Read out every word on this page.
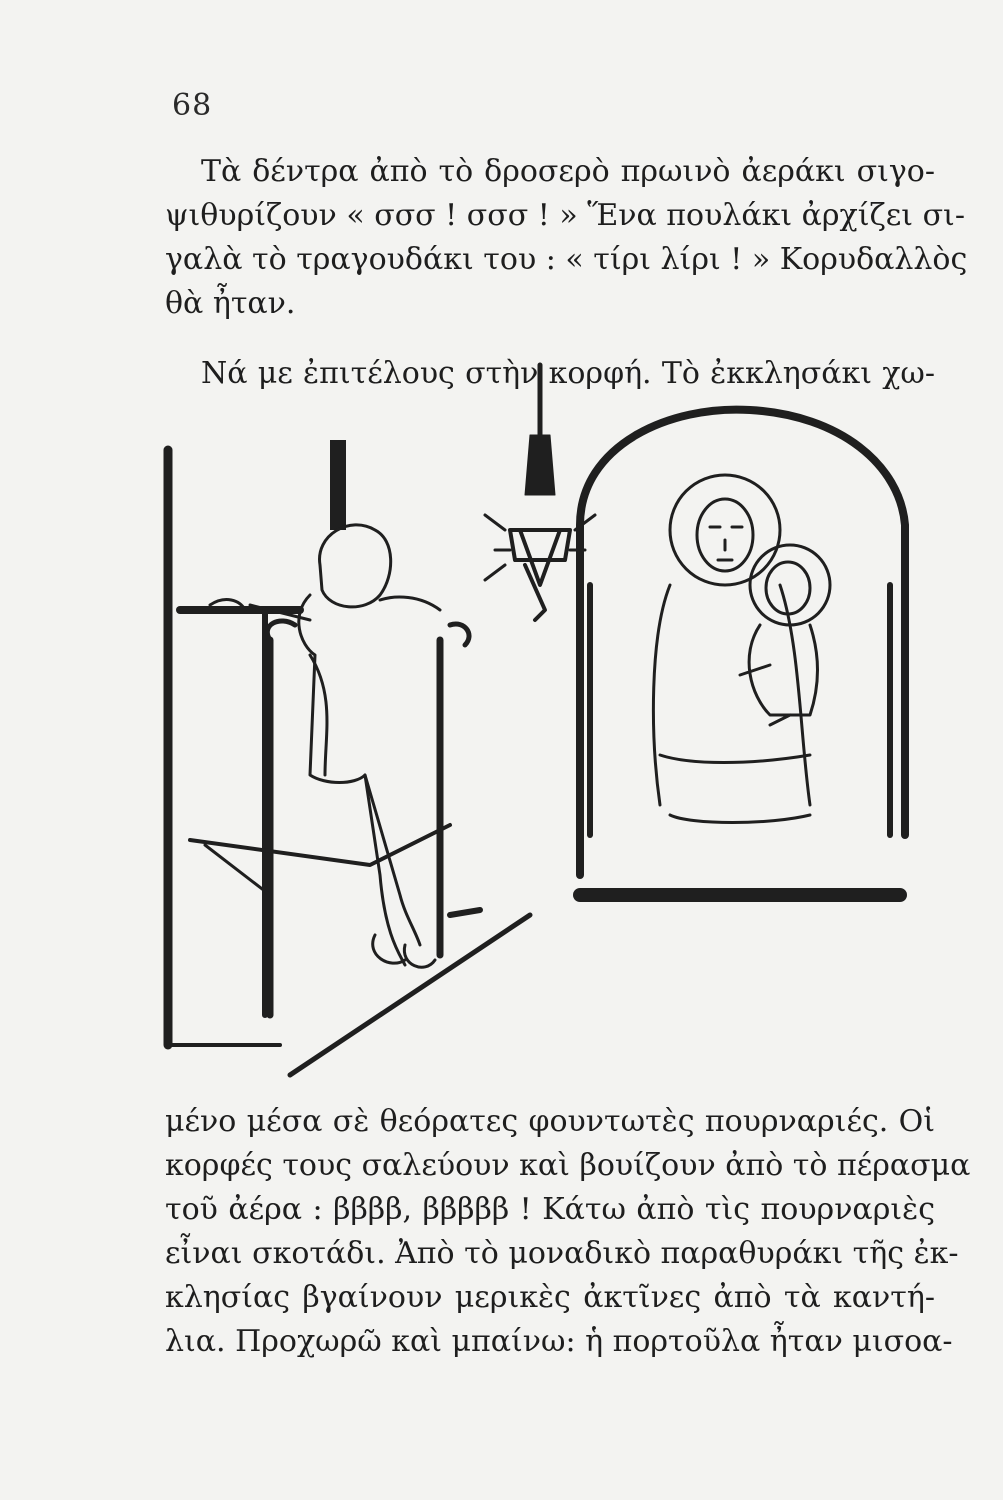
68
Τὰ δέντρα ἀπὸ τὸ δροσερὸ πρωινὸ ἀεράκι σιγο-
ψιθυρίζουν « σσσ ! σσσ ! » Ἕνα πουλάκι ἀρχίζει σι-
γαλὰ τὸ τραγουδάκι του : « τίρι λίρι ! » Κορυδαλλὸς
θὰ ἦταν.
Νά με ἐπιτέλους στὴν κορφή. Τὸ ἐκκλησάκι χω-
μένο μέσα σὲ θεόρατες φουντωτὲς πουρναριές. Οἱ
κορφές τους σαλεύουν καὶ βουίζουν ἀπὸ τὸ πέρασμα
τοῦ ἀέρα : ββββ, βββββ ! Κάτω ἀπὸ τὶς πουρναριὲς
εἶναι σκοτάδι. Ἀπὸ τὸ μοναδικὸ παραθυράκι τῆς ἐκ-
κλησίας βγαίνουν μερικὲς ἀκτῖνες ἀπὸ τὰ καντή-
λια. Προχωρῶ καὶ μπαίνω: ἡ πορτοῦλα ἦταν μισοα-
